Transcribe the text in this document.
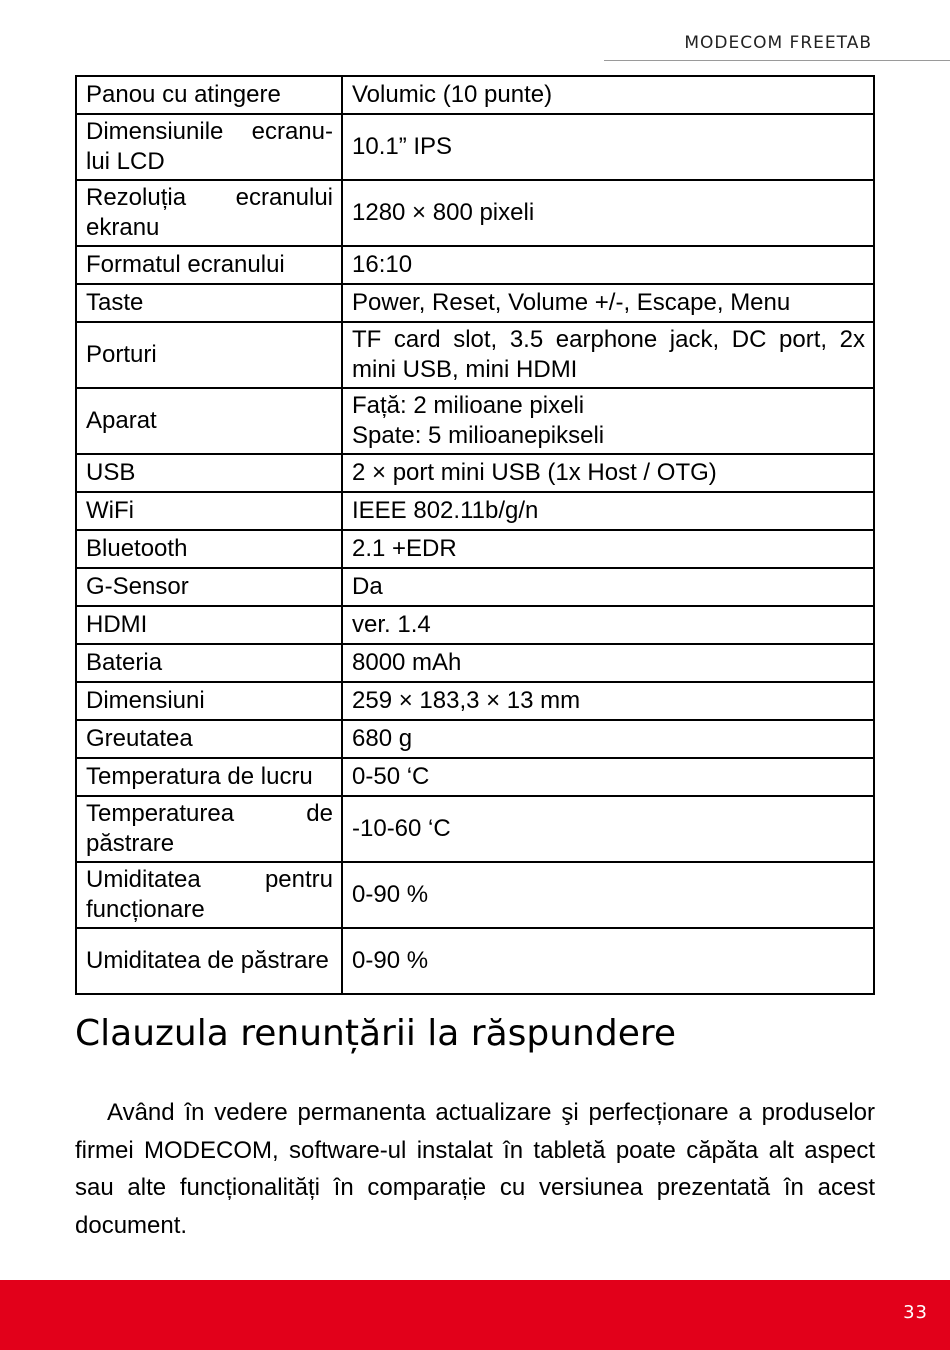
MODECOM FREETAB
Panou cu atingere	Volumic (10 punte)
Dimensiunile ecranu-lui LCD	10.1” IPS
Rezoluția ecranului ekranu	1280 × 800 pixeli
Formatul ecranului	16:10
Taste	Power, Reset, Volume +/-, Escape, Menu
Porturi	TF card slot, 3.5 earphone jack, DC port, 2x mini USB, mini HDMI
Aparat	Față: 2 milioane pixeli
Spate: 5 milioanepikseli
USB	2 × port mini USB (1x Host / OTG)
WiFi	IEEE 802.11b/g/n
Bluetooth	2.1 +EDR
G-Sensor	Da
HDMI	ver. 1.4
Bateria	8000 mAh
Dimensiuni	259 × 183,3 × 13 mm
Greutatea	680 g
Temperatura de lucru	0-50 ‘C
Temperaturea de păstrare	-10-60 ‘C
Umiditatea pentru funcționare	0-90 %
Umiditatea de păstrare	0-90 %
Clauzula renunțării la răspundere

Având în vedere permanenta actualizare şi perfecționare a produselor firmei MODECOM, software-ul instalat în tabletă poate căpăta alt aspect sau alte funcționalități în comparație cu versiunea prezentată în acest document.

33
